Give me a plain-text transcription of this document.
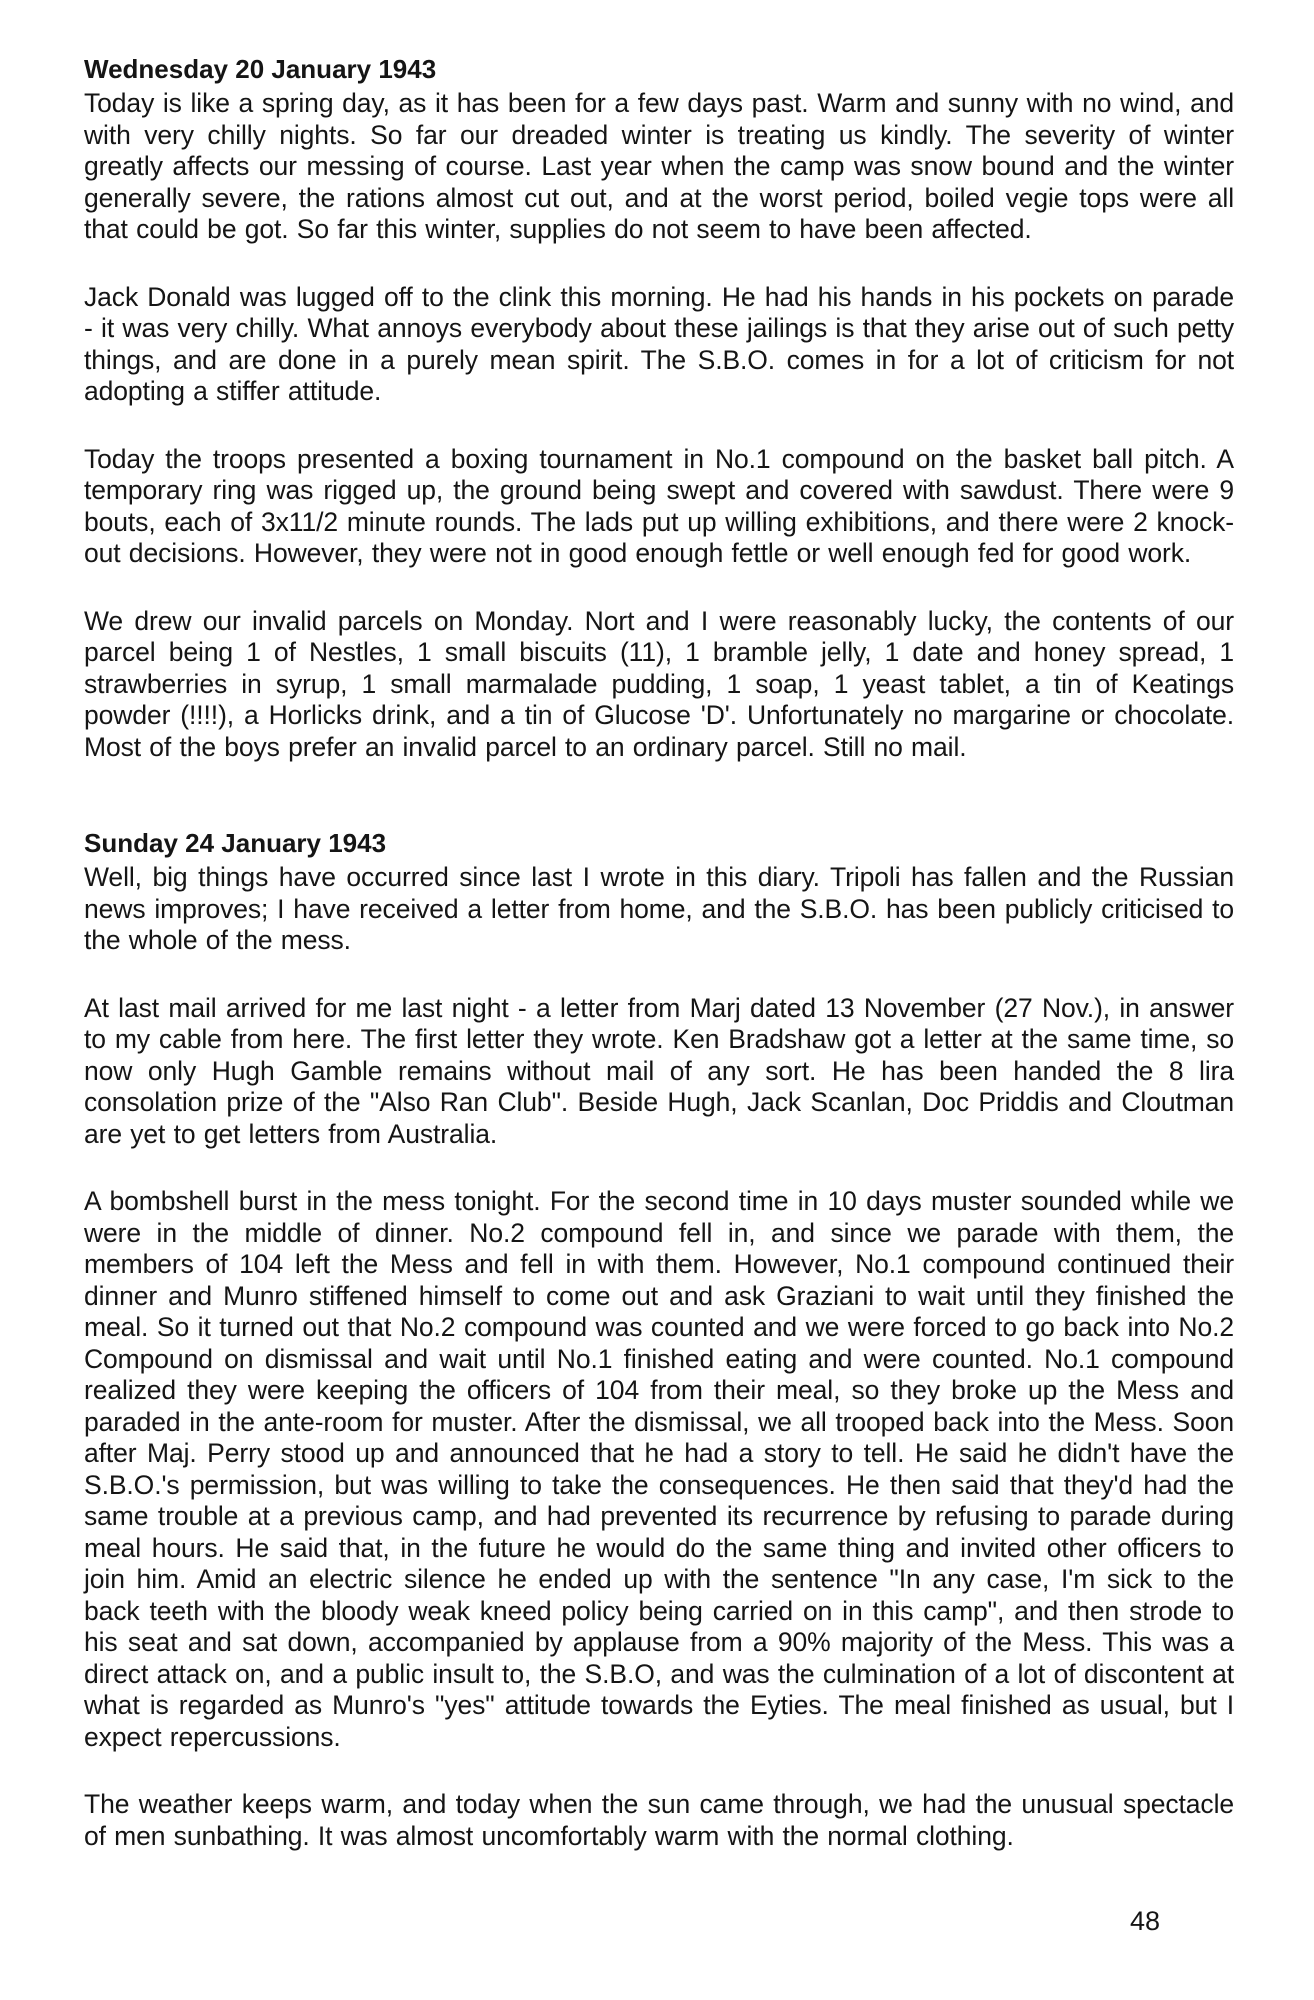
Wednesday 20 January 1943

Today is like a spring day, as it has been for a few days past. Warm and sunny with no wind, and with very chilly nights. So far our dreaded winter is treating us kindly. The severity of winter greatly affects our messing of course. Last year when the camp was snow bound and the winter generally severe, the rations almost cut out, and at the worst period, boiled vegie tops were all that could be got. So far this winter, supplies do not seem to have been affected.

Jack Donald was lugged off to the clink this morning. He had his hands in his pockets on parade - it was very chilly. What annoys everybody about these jailings is that they arise out of such petty things, and are done in a purely mean spirit. The S.B.O. comes in for a lot of criticism for not adopting a stiffer attitude.

Today the troops presented a boxing tournament in No.1 compound on the basket ball pitch. A temporary ring was rigged up, the ground being swept and covered with sawdust. There were 9 bouts, each of 3x11/2 minute rounds. The lads put up willing exhibitions, and there were 2 knock-out decisions. However, they were not in good enough fettle or well enough fed for good work.

We drew our invalid parcels on Monday. Nort and I were reasonably lucky, the contents of our parcel being 1 of Nestles, 1 small biscuits (11), 1 bramble jelly, 1 date and honey spread, 1 strawberries in syrup, 1 small marmalade pudding, 1 soap, 1 yeast tablet, a tin of Keatings powder (!!!!), a Horlicks drink, and a tin of Glucose 'D'. Unfortunately no margarine or chocolate. Most of the boys prefer an invalid parcel to an ordinary parcel. Still no mail.

Sunday 24 January 1943

Well, big things have occurred since last I wrote in this diary. Tripoli has fallen and the Russian news improves; I have received a letter from home, and the S.B.O. has been publicly criticised to the whole of the mess.

At last mail arrived for me last night - a letter from Marj dated 13 November (27 Nov.), in answer to my cable from here. The first letter they wrote. Ken Bradshaw got a letter at the same time, so now only Hugh Gamble remains without mail of any sort. He has been handed the 8 lira consolation prize of the "Also Ran Club". Beside Hugh, Jack Scanlan, Doc Priddis and Cloutman are yet to get letters from Australia.

A bombshell burst in the mess tonight. For the second time in 10 days muster sounded while we were in the middle of dinner. No.2 compound fell in, and since we parade with them, the members of 104 left the Mess and fell in with them. However, No.1 compound continued their dinner and Munro stiffened himself to come out and ask Graziani to wait until they finished the meal. So it turned out that No.2 compound was counted and we were forced to go back into No.2 Compound on dismissal and wait until No.1 finished eating and were counted. No.1 compound realized they were keeping the officers of 104 from their meal, so they broke up the Mess and paraded in the ante-room for muster. After the dismissal, we all trooped back into the Mess. Soon after Maj. Perry stood up and announced that he had a story to tell. He said he didn't have the S.B.O.'s permission, but was willing to take the consequences. He then said that they'd had the same trouble at a previous camp, and had prevented its recurrence by refusing to parade during meal hours. He said that, in the future he would do the same thing and invited other officers to join him. Amid an electric silence he ended up with the sentence "In any case, I'm sick to the back teeth with the bloody weak kneed policy being carried on in this camp", and then strode to his seat and sat down, accompanied by applause from a 90% majority of the Mess. This was a direct attack on, and a public insult to, the S.B.O, and was the culmination of a lot of discontent at what is regarded as Munro's "yes" attitude towards the Eyties. The meal finished as usual, but I expect repercussions.

The weather keeps warm, and today when the sun came through, we had the unusual spectacle of men sunbathing. It was almost uncomfortably warm with the normal clothing.

48
